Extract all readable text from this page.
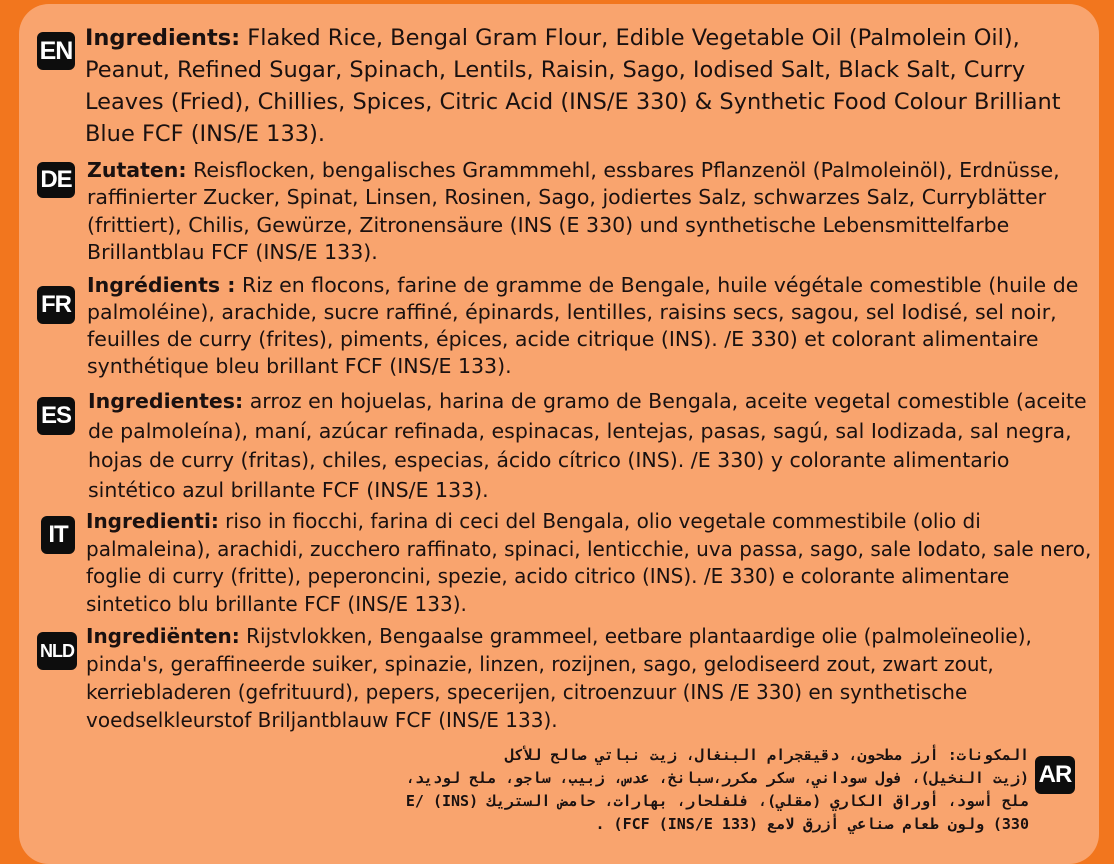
EN Ingredients: Flaked Rice, Bengal Gram Flour, Edible Vegetable Oil (Palmolein Oil), Peanut, Refined Sugar, Spinach, Lentils, Raisin, Sago, Iodised Salt, Black Salt, Curry Leaves (Fried), Chillies, Spices, Citric Acid (INS/E 330) & Synthetic Food Colour Brilliant Blue FCF (INS/E 133).

DE Zutaten: Reisflocken, bengalisches Grammmehl, essbares Pflanzenöl (Palmoleinöl), Erdnüsse, raffinierter Zucker, Spinat, Linsen, Rosinen, Sago, jodiertes Salz, schwarzes Salz, Curryblätter (frittiert), Chilis, Gewürze, Zitronensäure (INS (E 330) und synthetische Lebensmittelfarbe Brillantblau FCF (INS/E 133).

FR

Ingrédients : Riz en flocons, farine de gramme de Bengale, huile végétale comestible (huile de palmoléine), arachide, sucre raffiné, épinards, lentilles, raisins secs, sagou, sel Iodisé, sel noir, feuilles de curry (frites), piments, épices, acide citrique (INS). /E 330) et colorant alimentaire synthétique bleu brillant FCF (INS/E 133).

ES

Ingredientes: arroz en hojuelas, harina de gramo de Bengala, aceite vegetal comestible (aceite de palmoleína), maní, azúcar refinada, espinacas, lentejas, pasas, sagú, sal Iodizada, sal negra, hojas de curry (fritas), chiles, especias, ácido cítrico (INS). /E 330) y colorante alimentario sintético azul brillante FCF (INS/E 133).

IT Ingredienti: riso in fiocchi, farina di ceci del Bengala, olio vegetale commestibile (olio di palmaleina), arachidi, zucchero raffinato, spinaci, lenticchie, uva passa, sago, sale Iodato, sale nero, foglie di curry (fritte), peperoncini, spezie, acido citrico (INS). /E 330) e colorante alimentare sintetico blu brillante FCF (INS/E 133).

NLD

Ingrediënten: Rijstvlokken, Bengaalse grammeel, eetbare plantaardige olie (palmoleïneolie), pinda's, geraffineerde suiker, spinazie, linzen, rozijnen, sago, gelodiseerd zout, zwart zout, kerriebladeren (gefrituurd), pepers, specerijen, citroenzuur (INS /E 330) en synthetische voedselkleurstof Briljantblauw FCF (INS/E 133).

AR
المكونات: أرز مطحون، دقيقجرام البنغال، زيت نباتي صالح للأكل
(زيت النخيل)، فول سوداني، سكر مكرر،سبانخ، عدس، زبيب، ساجو، ملح لوديد،
ملح أسود، أوراق الكاري (مقلي)، فلفلحار، بهارات، حامض الستريك E/ (INS)
330) ولون طعام صناعي أزرق لامع FCF (INS/E 133)) .
